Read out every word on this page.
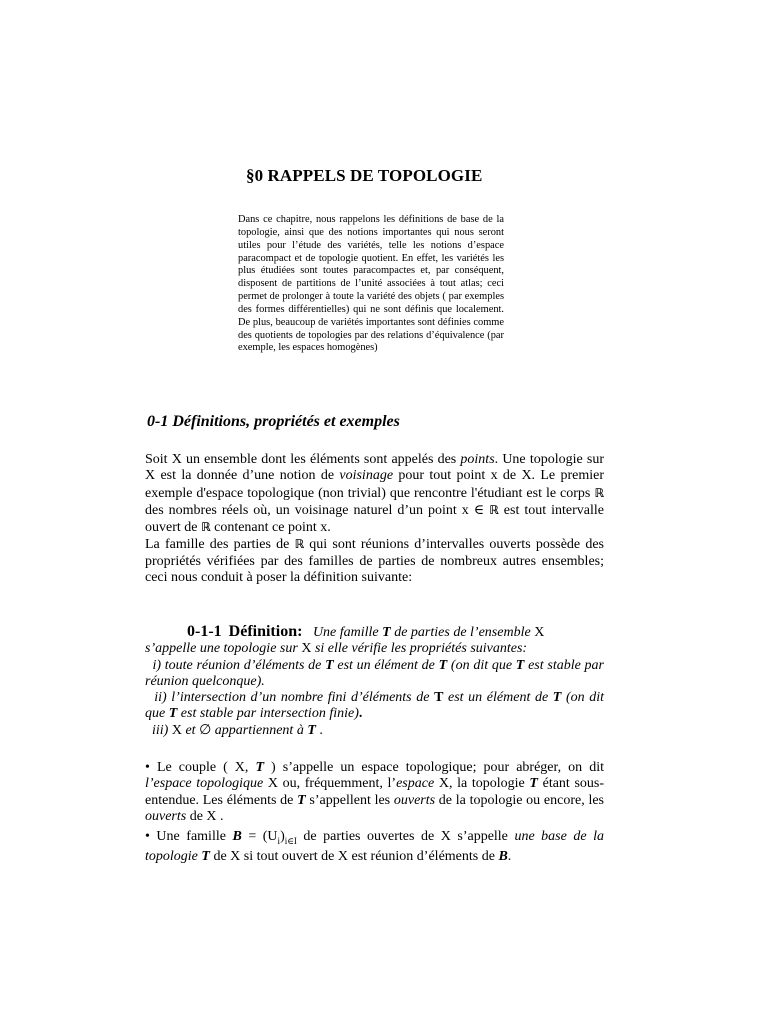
§0 RAPPELS DE TOPOLOGIE
Dans ce chapitre, nous rappelons les définitions de base de la topologie, ainsi que des notions importantes qui nous seront utiles pour l’étude des variétés, telle les notions d’espace paracompact et de topologie quotient. En effet, les variétés les plus étudiées sont toutes paracompactes et, par conséquent, disposent de partitions de l’unité associées à tout atlas; ceci permet de prolonger à toute la variété des objets ( par exemples des formes différentielles) qui ne sont définis que localement. De plus, beaucoup de variétés importantes sont définies comme des quotients de topologies par des relations d’équivalence (par exemple, les espaces homogènes)
0-1 Définitions, propriétés et exemples

Soit X un ensemble dont les éléments sont appelés des points. Une topologie sur X est la donnée d’une notion de voisinage pour tout point x de X. Le premier exemple d'espace topologique (non trivial) que rencontre l'étudiant est le corps ℝ des nombres réels où, un voisinage naturel d’un point x ∈ ℝ est tout intervalle ouvert de ℝ contenant ce point x.

La famille des parties de ℝ qui sont réunions d’intervalles ouverts possède des propriétés vérifiées par des familles de parties de nombreux autres ensembles; ceci nous conduit à poser la définition suivante:

0-1-1 Définition: Une famille T de parties de l’ensemble X

s’appelle une topologie sur X si elle vérifie les propriétés suivantes:

i) toute réunion d’éléments de T est un élément de T (on dit que T est stable par réunion quelconque).

ii) l’intersection d’un nombre fini d’éléments de T est un élément de T (on dit que T est stable par intersection finie).

iii) X et ∅ appartiennent à T .

• Le couple ( X, T ) s’appelle un espace topologique; pour abréger, on dit l’espace topologique X ou, fréquemment, l’espace X, la topologie T étant sous-entendue. Les éléments de T s’appellent les ouverts de la topologie ou encore, les ouverts de X .

• Une famille $B = (U_i)_{i\in I}$ de parties ouvertes de X s’appelle une base de la topologie T de X si tout ouvert de X est réunion d’éléments de B.
